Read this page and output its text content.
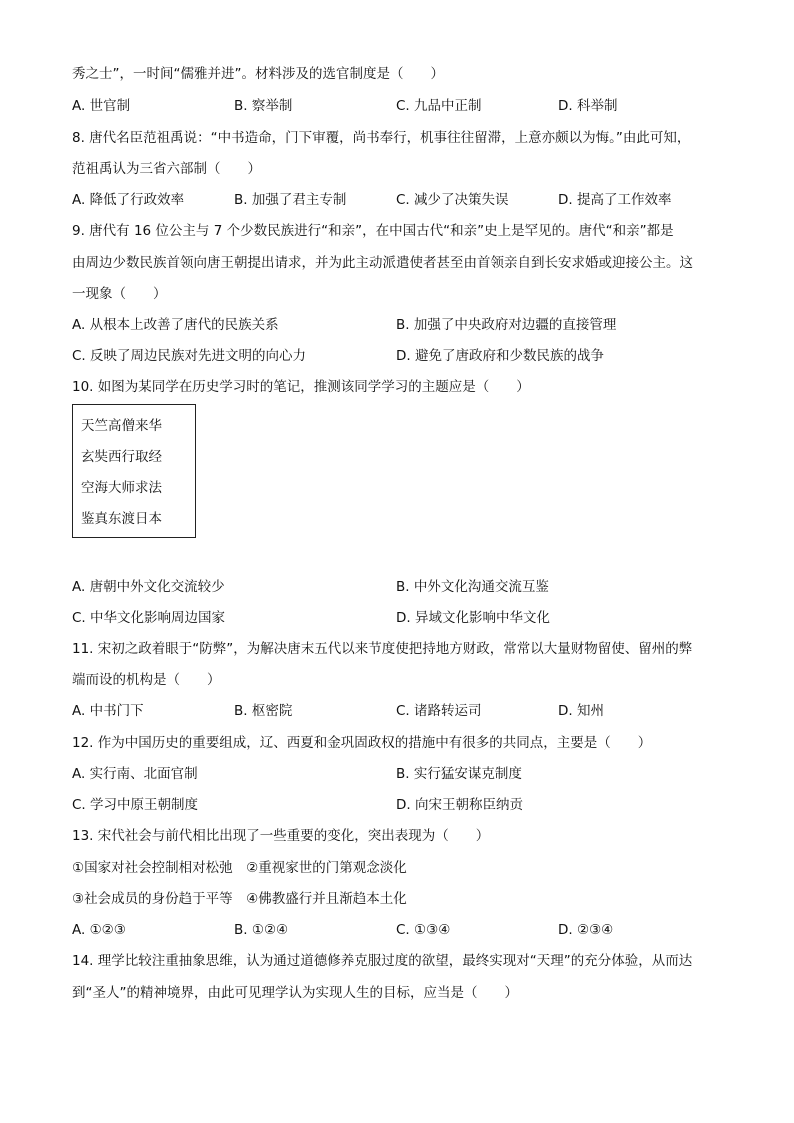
秀之士”，一时间“儒雅并进”。材料涉及的选官制度是（　　）
A. 世官制	B. 察举制	C. 九品中正制	D. 科举制
8. 唐代名臣范祖禹说：“中书造命，门下审覆，尚书奉行，机事往往留滞，上意亦颇以为悔。”由此可知，
范祖禹认为三省六部制（　　）
A. 降低了行政效率	B. 加强了君主专制	C. 减少了决策失误	D. 提高了工作效率
9. 唐代有 16 位公主与 7 个少数民族进行“和亲”，在中国古代“和亲”史上是罕见的。唐代“和亲”都是
由周边少数民族首领向唐王朝提出请求，并为此主动派遣使者甚至由首领亲自到长安求婚或迎接公主。这
一现象（　　）
A. 从根本上改善了唐代的民族关系	B. 加强了中央政府对边疆的直接管理
C. 反映了周边民族对先进文明的向心力	D. 避免了唐政府和少数民族的战争
10. 如图为某同学在历史学习时的笔记，推测该同学学习的主题应是（　　）
天竺高僧来华
玄奘西行取经
空海大师求法
鉴真东渡日本
A. 唐朝中外文化交流较少	B. 中外文化沟通交流互鉴
C. 中华文化影响周边国家	D. 异域文化影响中华文化
11. 宋初之政着眼于“防弊”，为解决唐末五代以来节度使把持地方财政，常常以大量财物留使、留州的弊
端而设的机构是（　　）
A. 中书门下	B. 枢密院	C. 诸路转运司	D. 知州
12. 作为中国历史的重要组成，辽、西夏和金巩固政权的措施中有很多的共同点，主要是（　　）
A. 实行南、北面官制	B. 实行猛安谋克制度
C. 学习中原王朝制度	D. 向宋王朝称臣纳贡
13. 宋代社会与前代相比出现了一些重要的变化，突出表现为（　　）
①国家对社会控制相对松弛　②重视家世的门第观念淡化
③社会成员的身份趋于平等　④佛教盛行并且渐趋本土化
A. ①②③	B. ①②④	C. ①③④	D. ②③④
14. 理学比较注重抽象思维，认为通过道德修养克服过度的欲望，最终实现对“天理”的充分体验，从而达
到“圣人”的精神境界，由此可见理学认为实现人生的目标，应当是（　　）
